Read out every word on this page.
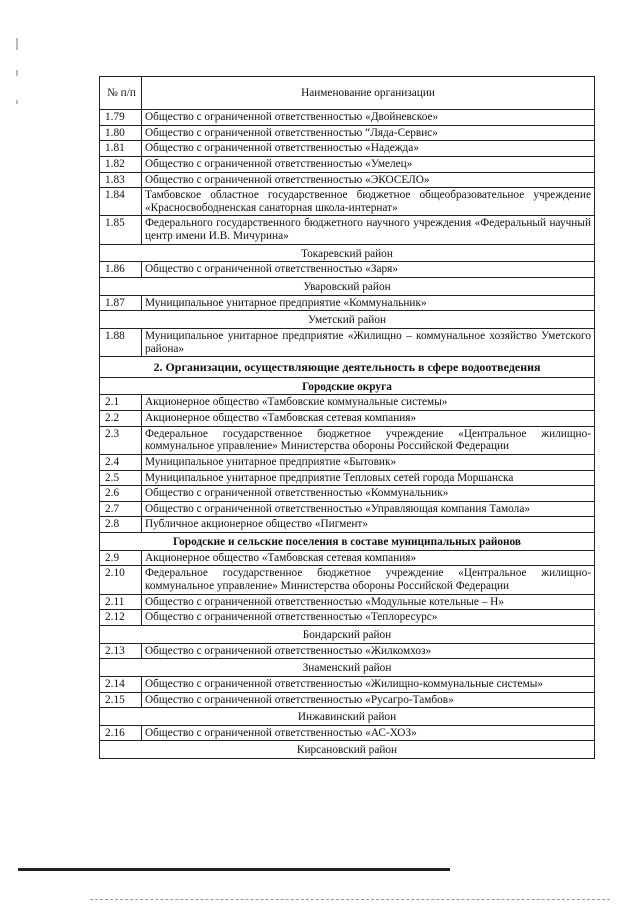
№ п/п	Наименование организации
1.79	Общество с ограниченной ответственностью «Двойневское»
1.80	Общество с ограниченной ответственностью “Ляда-Сервис»
1.81	Общество с ограниченной ответственностью «Надежда»
1.82	Общество с ограниченной ответственностью «Умелец»
1.83	Общество с ограниченной ответственностью «ЭКОСЕЛО»
1.84	Тамбовское областное государственное бюджетное общеобразовательное учреждение «Красносвободненская санаторная школа-интернат»
1.85	Федерального государственного бюджетного научного учреждения «Федеральный научный центр имени И.В. Мичурина»
Токаревский район	
1.86	Общество с ограниченной ответственностью «Заря»
Уваровский район	
1.87	Муниципальное унитарное предприятие «Коммунальник»
Уметский район	
1.88	Муниципальное унитарное предприятие «Жилищно – коммунальное хозяйство Уметского района»
2. Организации, осуществляющие деятельность в сфере водоотведения	
Городские округа	
2.1	Акционерное общество «Тамбовские коммунальные системы»
2.2	Акционерное общество «Тамбовская сетевая компания»
2.3	Федеральное государственное бюджетное учреждение «Центральное жилищно-коммунальное управление» Министерства обороны Российской Федерации
2.4	Муниципальное унитарное предприятие «Бытовик»
2.5	Муниципальное унитарное предприятие Тепловых сетей города Моршанска
2.6	Общество с ограниченной ответственностью «Коммунальник»
2.7	Общество с ограниченной ответственностью «Управляющая компания Тамола»
2.8	Публичное акционерное общество «Пигмент»
Городские и сельские поселения в составе муниципальных районов	
2.9	Акционерное общество «Тамбовская сетевая компания»
2.10	Федеральное государственное бюджетное учреждение «Центральное жилищно-коммунальное управление» Министерства обороны Российской Федерации
2.11	Общество с ограниченной ответственностью «Модульные котельные – Н»
2.12	Общество с ограниченной ответственностью «Теплоресурс»
Бондарский район	
2.13	Общество с ограниченной ответственностью «Жилкомхоз»
Знаменский район	
2.14	Общество с ограниченной ответственностью «Жилищно-коммунальные системы»
2.15	Общество с ограниченной ответственностью «Русагро-Тамбов»
Инжавинский район	
2.16	Общество с ограниченной ответственностью «АС-ХОЗ»
Кирсановский район	
